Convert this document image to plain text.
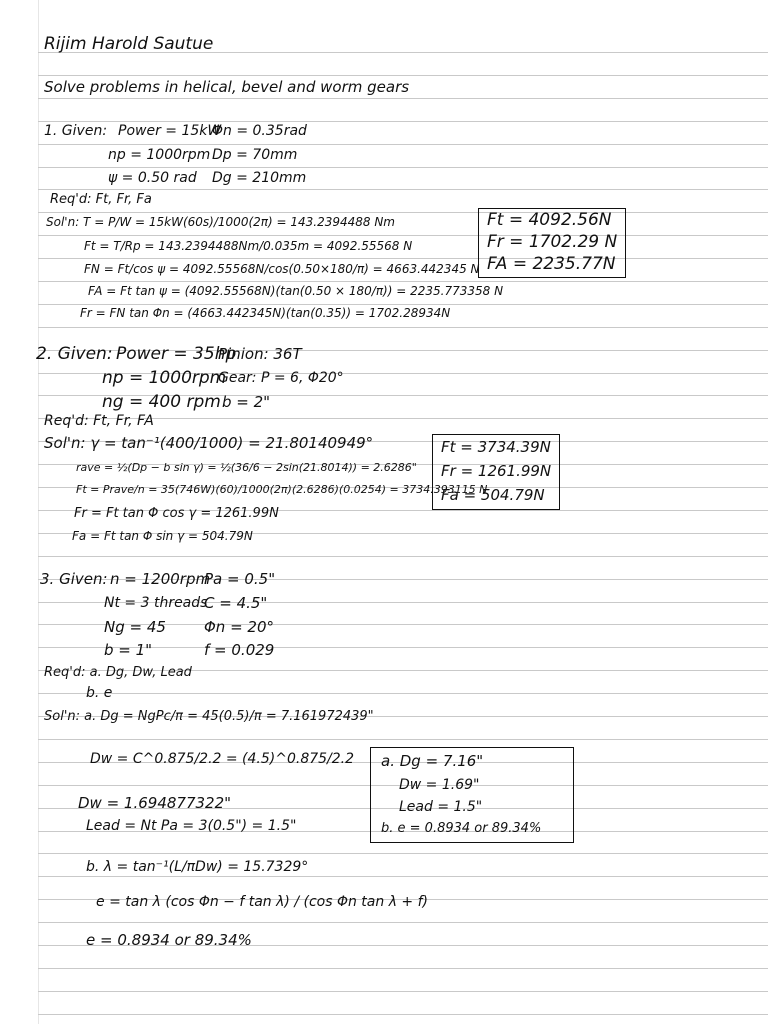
Rijim Harold Sautue
Solve problems in helical, bevel and worm gears
1. Given: Power = 15kW
Φn = 0.35rad
np = 1000rpm Dp = 70mm
ψ = 0.50 rad Dg = 210mm
Req'd: Ft, Fr, Fa
Sol'n: T = P/W = 15kW(60s)/1000(2π) = 143.2394488 Nm
Ft = T/Rp = 143.2394488Nm/0.035m = 4092.55568 N
FN = Ft/cos ψ = 4092.55568N/cos(0.50×180/π) = 4663.442345 N
FA = Ft tan ψ = (4092.55568N)(tan(0.50 × 180/π)) = 2235.773358 N
Fr = FN tan Φn = (4663.442345N)(tan(0.35)) = 1702.28934N
Ft = 4092.56N
Fr = 1702.29 N
FA = 2235.77N
2. Given: Power = 35hp
Pinion: 36T
np = 1000rpm
Gear: P = 6, Φ20°
ng = 400 rpm b = 2"
Req'd: Ft, Fr, FA
Sol'n: γ = tan⁻¹(400/1000) = 21.80140949°
rave = ½(Dp − b sin γ) = ½(36/6 − 2sin(21.8014)) = 2.6286"
Ft = Prave/n = 35(746W)(60)/1000(2π)(2.6286)(0.0254) = 3734.393115 N
Fr = Ft tan Φ cos γ = 1261.99N
Fa = Ft tan Φ sin γ = 504.79N
Ft = 3734.39N
Fr = 1261.99N
Fa = 504.79N
3. Given: n = 1200rpm
Pa = 0.5"
Nt = 3 threads
C = 4.5"
Ng = 45	Φn = 20°
b = 1"	f = 0.029
Req'd: a. Dg, Dw, Lead
b. e
Sol'n: a. Dg = NgPc/π = 45(0.5)/π = 7.161972439"
Dw = C^0.875/2.2 = (4.5)^0.875/2.2
Dw = 1.694877322"
Lead = Nt Pa = 3(0.5") = 1.5"
a. Dg = 7.16"
Dw = 1.69"
Lead = 1.5"
b. e = 0.8934 or 89.34%
b. λ = tan⁻¹(L/πDw) = 15.7329°
e = tan λ (cos Φn − f tan λ) / (cos Φn tan λ + f)
e = 0.8934 or 89.34%
